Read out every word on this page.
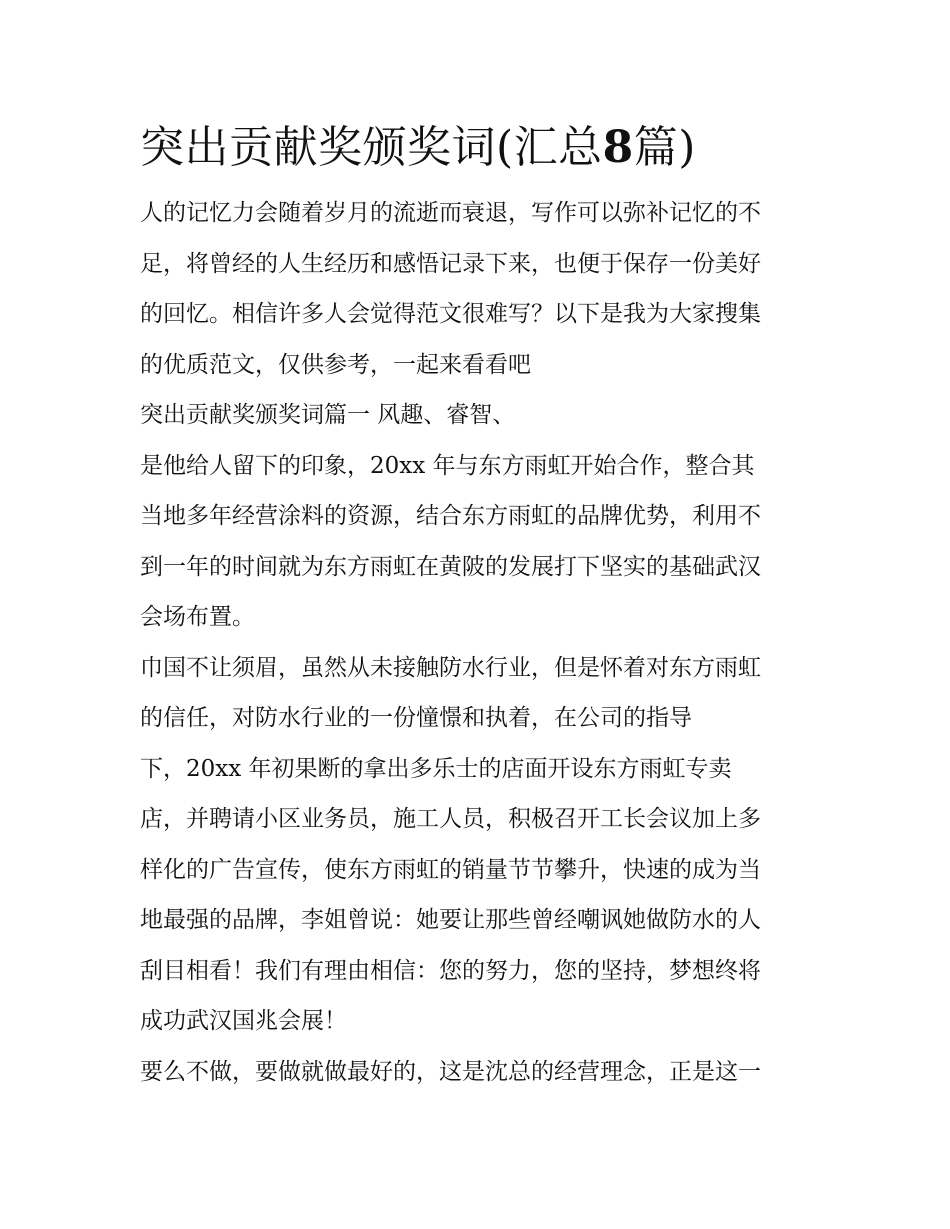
突出贡献奖颁奖词(汇总8篇)
人的记忆力会随着岁月的流逝而衰退，写作可以弥补记忆的不
足，将曾经的人生经历和感悟记录下来，也便于保存一份美好
的回忆。相信许多人会觉得范文很难写？以下是我为大家搜集
的优质范文，仅供参考，一起来看看吧
突出贡献奖颁奖词篇一 风趣、睿智、
是他给人留下的印象，20xx 年与东方雨虹开始合作，整合其
当地多年经营涂料的资源，结合东方雨虹的品牌优势，利用不
到一年的时间就为东方雨虹在黄陂的发展打下坚实的基础武汉
会场布置。
巾国不让须眉，虽然从未接触防水行业，但是怀着对东方雨虹
的信任，对防水行业的一份憧憬和执着，在公司的指导
下，20xx 年初果断的拿出多乐士的店面开设东方雨虹专卖
店，并聘请小区业务员，施工人员，积极召开工长会议加上多
样化的广告宣传，使东方雨虹的销量节节攀升，快速的成为当
地最强的品牌，李姐曾说：她要让那些曾经嘲讽她做防水的人
刮目相看！我们有理由相信：您的努力，您的坚持，梦想终将
成功武汉国兆会展！
要么不做，要做就做最好的，这是沈总的经营理念，正是这一
